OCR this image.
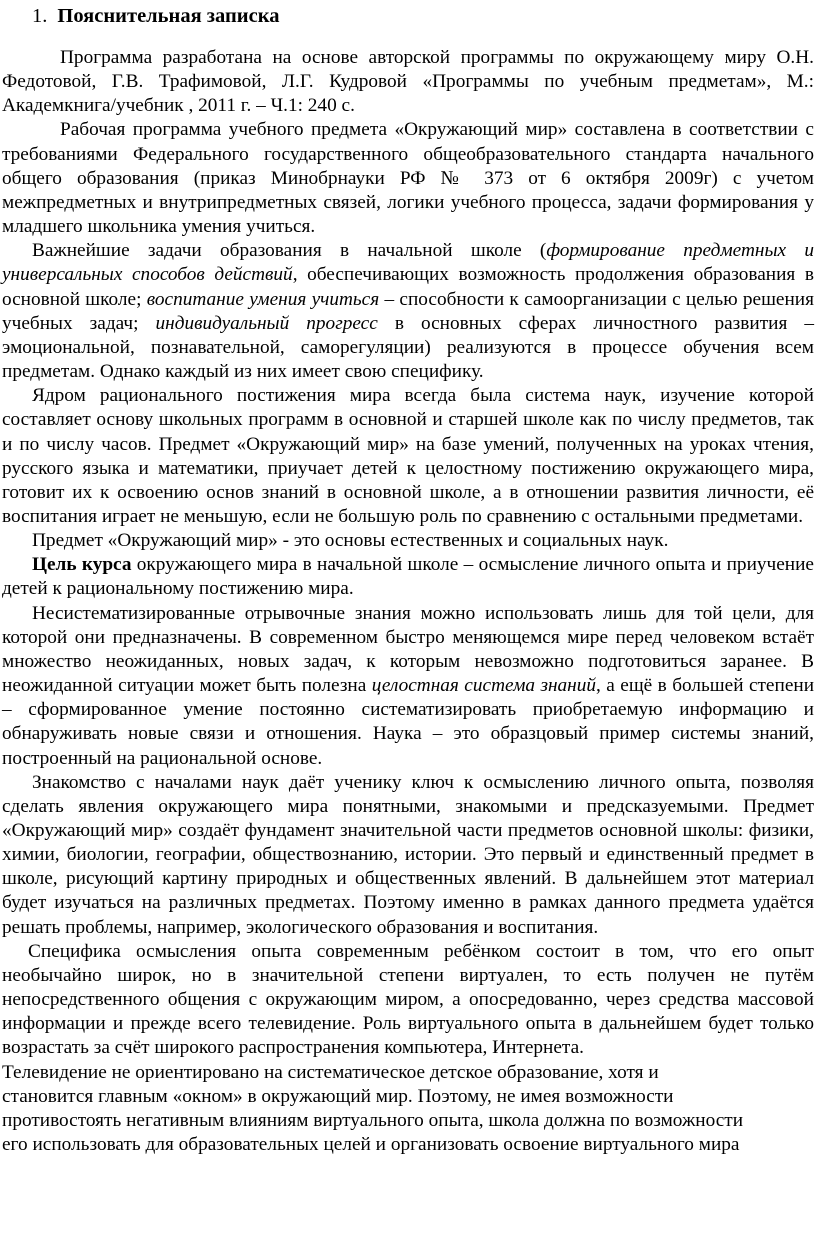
1. Пояснительная записка

Программа разработана на основе авторской программы по окружающему миру О.Н. Федотовой, Г.В. Трафимовой, Л.Г. Кудровой «Программы по учебным предметам», М.: Академкнига/учебник , 2011 г. – Ч.1: 240 с.

Рабочая программа учебного предмета «Окружающий мир» составлена в соответствии с требованиями Федерального государственного общеобразовательного стандарта начального общего образования (приказ Минобрнауки РФ № 373 от 6 октября 2009г) с учетом межпредметных и внутрипредметных связей, логики учебного процесса, задачи формирования у младшего школьника умения учиться.

Важнейшие задачи образования в начальной школе (формирование предметных и универсальных способов действий, обеспечивающих возможность продолжения образования в основной школе; воспитание умения учиться – способности к самоорганизации с целью решения учебных задач; индивидуальный прогресс в основных сферах личностного развития – эмоциональной, познавательной, саморегуляции) реализуются в процессе обучения всем предметам. Однако каждый из них имеет свою специфику.

Ядром рационального постижения мира всегда была система наук, изучение которой составляет основу школьных программ в основной и старшей школе как по числу предметов, так и по числу часов. Предмет «Окружающий мир» на базе умений, полученных на уроках чтения, русского языка и математики, приучает детей к целостному постижению окружающего мира, готовит их к освоению основ знаний в основной школе, а в отношении развития личности, её воспитания играет не меньшую, если не большую роль по сравнению с остальными предметами.

Предмет «Окружающий мир» - это основы естественных и социальных наук.

Цель курса окружающего мира в начальной школе – осмысление личного опыта и приучение детей к рациональному постижению мира.

Несистематизированные отрывочные знания можно использовать лишь для той цели, для которой они предназначены. В современном быстро меняющемся мире перед человеком встаёт множество неожиданных, новых задач, к которым невозможно подготовиться заранее. В неожиданной ситуации может быть полезна целостная система знаний, а ещё в большей степени – сформированное умение постоянно систематизировать приобретаемую информацию и обнаруживать новые связи и отношения. Наука – это образцовый пример системы знаний, построенный на рациональной основе.

Знакомство с началами наук даёт ученику ключ к осмыслению личного опыта, позволяя сделать явления окружающего мира понятными, знакомыми и предсказуемыми. Предмет «Окружающий мир» создаёт фундамент значительной части предметов основной школы: физики, химии, биологии, географии, обществознанию, истории. Это первый и единственный предмет в школе, рисующий картину природных и общественных явлений. В дальнейшем этот материал будет изучаться на различных предметах. Поэтому именно в рамках данного предмета удаётся решать проблемы, например, экологического образования и воспитания.

Специфика осмысления опыта современным ребёнком состоит в том, что его опыт необычайно широк, но в значительной степени виртуален, то есть получен не путём непосредственного общения с окружающим миром, а опосредованно, через средства массовой информации и прежде всего телевидение. Роль виртуального опыта в дальнейшем будет только возрастать за счёт широкого распространения компьютера, Интернета.

Телевидение не ориентировано на систематическое детское образование, хотя и
становится главным «окном» в окружающий мир. Поэтому, не имея возможности
противостоять негативным влияниям виртуального опыта, школа должна по возможности
его использовать для образовательных целей и организовать освоение виртуального мира
